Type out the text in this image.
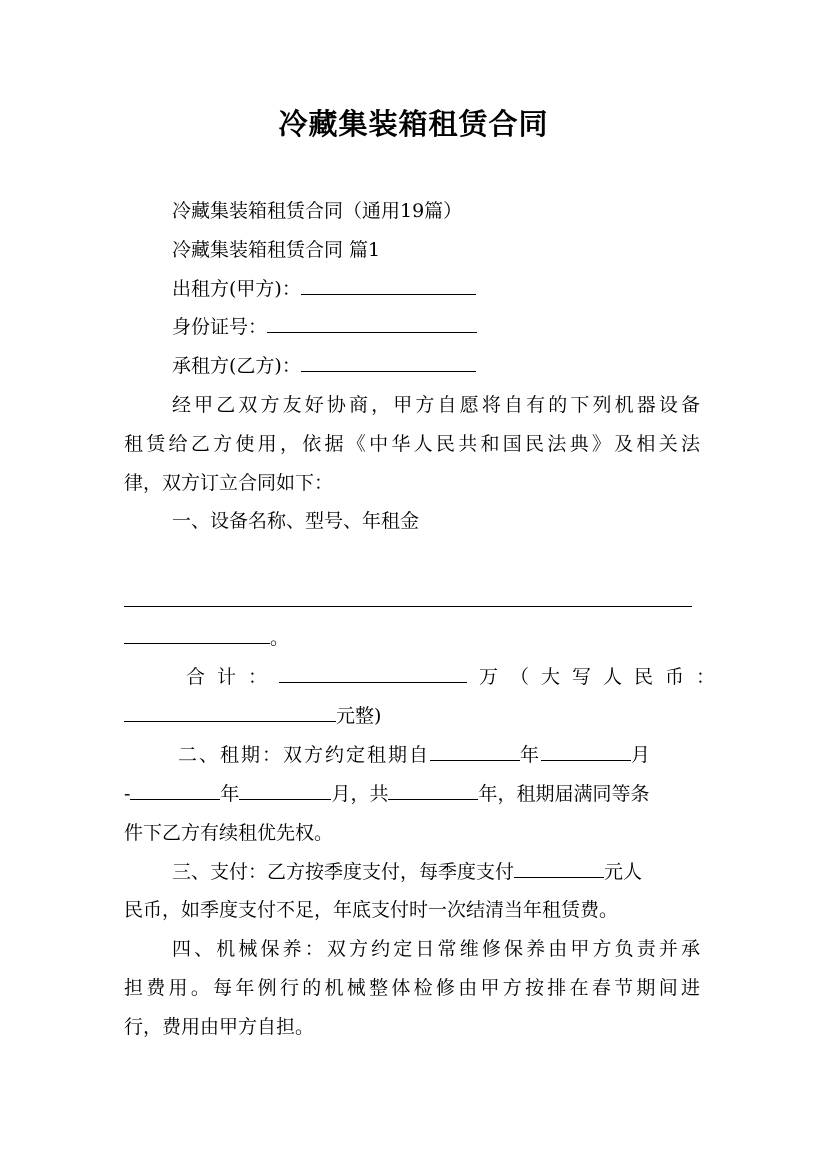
冷藏集装箱租赁合同
冷藏集装箱租赁合同（通用19篇）
冷藏集装箱租赁合同 篇1
出租方(甲方)：
身份证号：
承租方(乙方)：
经甲乙双方友好协商，甲方自愿将自有的下列机器设备
租赁给乙方使用，依据《中华人民共和国民法典》及相关法
律，双方订立合同如下：
一、设备名称、型号、年租金
。
合计：	万（大写人民币：
元整)
二、租期：双方约定租期自	年	月
-	年	月，共	年，租期届满同等条
件下乙方有续租优先权。
三、支付：乙方按季度支付，每季度支付	元人
民币，如季度支付不足，年底支付时一次结清当年租赁费。
四、机械保养：双方约定日常维修保养由甲方负责并承
担费用。每年例行的机械整体检修由甲方按排在春节期间进
行，费用由甲方自担。
